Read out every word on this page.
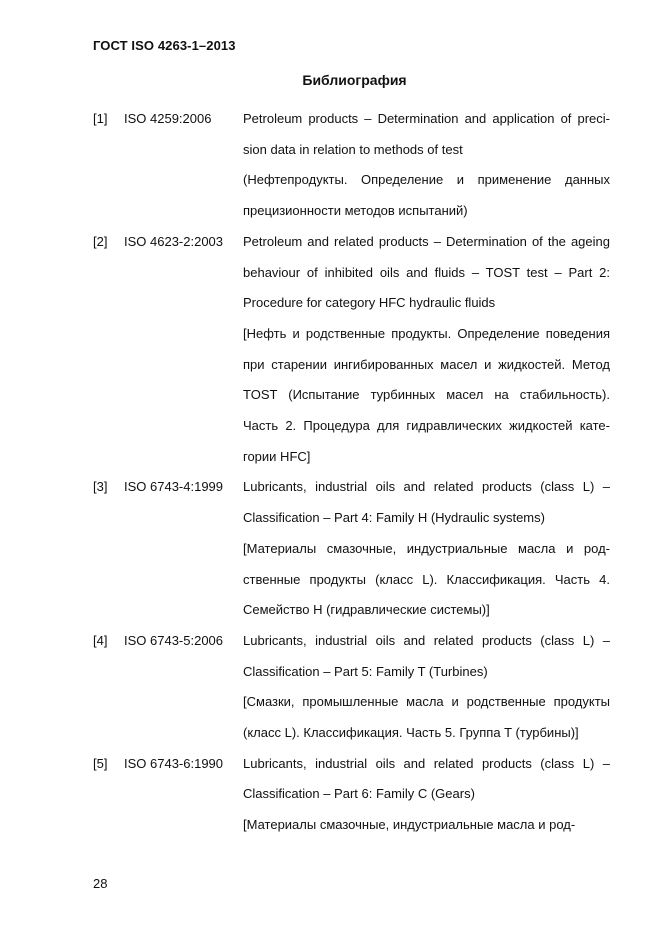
ГОСТ ISO 4263-1–2013
Библиография
[1]	ISO 4259:2006	Petroleum products – Determination and application of preci- sion data in relation to methods of test

(Нефтепродукты. Определение и применение данных прецизионности методов испытаний)

[2]	ISO 4623-2:2003	Petroleum and related products – Determination of the ageing behaviour of inhibited oils and fluids – TOST test – Part 2: Procedure for category HFC hydraulic fluids

[Нефть и родственные продукты. Определение поведения при старении ингибированных масел и жидкостей. Метод TOST (Испытание турбинных масел на стабильность). Часть 2. Процедура для гидравлических жидкостей кате- гории HFC]

[3]	ISO 6743-4:1999	Lubricants, industrial oils and related products (class L) – Classification – Part 4: Family H (Hydraulic systems)

[Материалы смазочные, индустриальные масла и род- ственные продукты (класс L). Классификация. Часть 4. Семейство H (гидравлические системы)]

[4]	ISO 6743-5:2006	Lubricants, industrial oils and related products (class L) – Classification – Part 5: Family T (Turbines)

[Смазки, промышленные масла и родственные продукты (класс L). Классификация. Часть 5. Группа T (турбины)]

[5]	ISO 6743-6:1990	Lubricants, industrial oils and related products (class L) – Classification – Part 6: Family C (Gears)

[Материалы смазочные, индустриальные масла и род-

28
